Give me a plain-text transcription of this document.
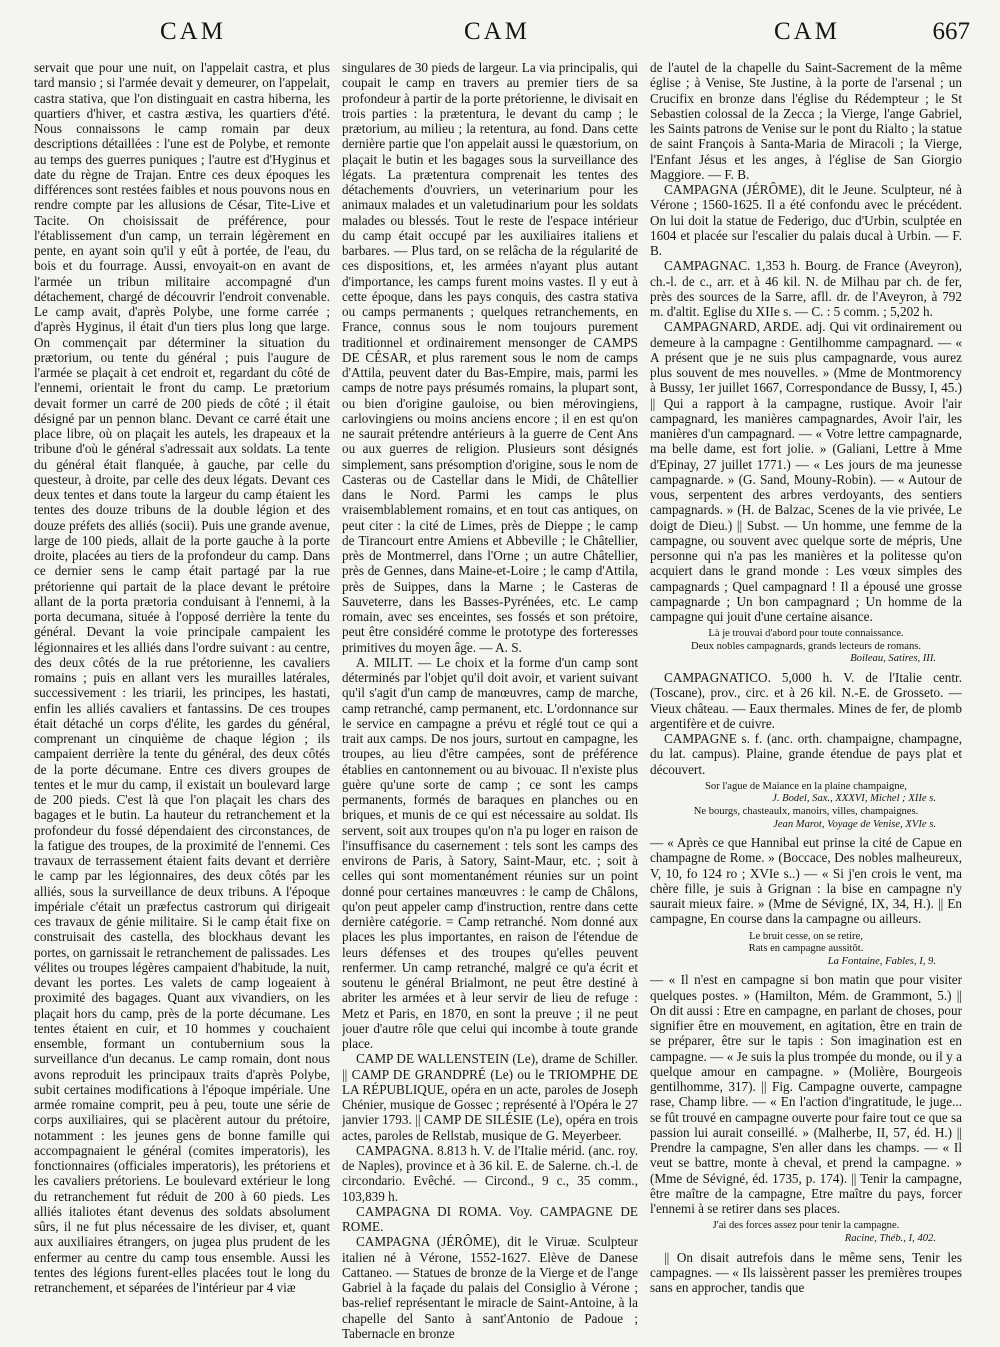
CAM	CAM	CAM	667

servait que pour une nuit, on l'appelait castra, et plus tard mansio ; si l'armée devait y demeurer, on l'appelait, castra stativa, que l'on distinguait en castra hiberna, les quartiers d'hiver, et castra æstiva, les quartiers d'été. Nous connaissons le camp romain par deux descriptions détaillées : l'une est de Polybe, et remonte au temps des guerres puniques ; l'autre est d'Hyginus et date du règne de Trajan. Entre ces deux époques les différences sont restées faibles et nous pouvons nous en rendre compte par les allusions de César, Tite-Live et Tacite. On choisissait de préférence, pour l'établissement d'un camp, un terrain légèrement en pente, en ayant soin qu'il y eût à portée, de l'eau, du bois et du fourrage. Aussi, envoyait-on en avant de l'armée un tribun militaire accompagné d'un détachement, chargé de découvrir l'endroit convenable. Le camp avait, d'après Polybe, une forme carrée ; d'après Hyginus, il était d'un tiers plus long que large. On commençait par déterminer la situation du prætorium, ou tente du général ; puis l'augure de l'armée se plaçait à cet endroit et, regardant du côté de l'ennemi, orientait le front du camp. Le prætorium devait former un carré de 200 pieds de côté ; il était désigné par un pennon blanc. Devant ce carré était une place libre, où on plaçait les autels, les drapeaux et la tribune d'où le général s'adressait aux soldats. La tente du général était flanquée, à gauche, par celle du questeur, à droite, par celle des deux légats. Devant ces deux tentes et dans toute la largeur du camp étaient les tentes des douze tribuns de la double légion et des douze préfets des alliés (socii). Puis une grande avenue, large de 100 pieds, allait de la porte gauche à la porte droite, placées au tiers de la profondeur du camp. Dans ce dernier sens le camp était partagé par la rue prétorienne qui partait de la place devant le prétoire allant de la porta prætoria conduisant à l'ennemi, à la porta decumana, située à l'opposé derrière la tente du général. Devant la voie principale campaient les légionnaires et les alliés dans l'ordre suivant : au centre, des deux côtés de la rue prétorienne, les cavaliers romains ; puis en allant vers les murailles latérales, successivement : les triarii, les principes, les hastati, enfin les alliés cavaliers et fantassins. De ces troupes était détaché un corps d'élite, les gardes du général, comprenant un cinquième de chaque légion ; ils campaient derrière la tente du général, des deux côtés de la porte décumane. Entre ces divers groupes de tentes et le mur du camp, il existait un boulevard large de 200 pieds. C'est là que l'on plaçait les chars des bagages et le butin. La hauteur du retranchement et la profondeur du fossé dépendaient des circonstances, de la fatigue des troupes, de la proximité de l'ennemi. Ces travaux de terrassement étaient faits devant et derrière le camp par les légionnaires, des deux côtés par les alliés, sous la surveillance de deux tribuns. A l'époque impériale c'était un præfectus castrorum qui dirigeait ces travaux de génie militaire. Si le camp était fixe on construisait des castella, des blockhaus devant les portes, on garnissait le retranchement de palissades. Les vélites ou troupes légères campaient d'habitude, la nuit, devant les portes. Les valets de camp logeaient à proximité des bagages. Quant aux vivandiers, on les plaçait hors du camp, près de la porte décumane. Les tentes étaient en cuir, et 10 hommes y couchaient ensemble, formant un contubernium sous la surveillance d'un decanus. Le camp romain, dont nous avons reproduit les principaux traits d'après Polybe, subit certaines modifications à l'époque impériale. Une armée romaine comprit, peu à peu, toute une série de corps auxiliaires, qui se placèrent autour du prétoire, notamment : les jeunes gens de bonne famille qui accompagnaient le général (comites imperatoris), les fonctionnaires (officiales imperatoris), les prétoriens et les cavaliers prétoriens. Le boulevard extérieur le long du retranchement fut réduit de 200 à 60 pieds. Les alliés italiotes étant devenus des soldats absolument sûrs, il ne fut plus nécessaire de les diviser, et, quant aux auxiliaires étrangers, on jugea plus prudent de les enfermer au centre du camp tous ensemble. Aussi les tentes des légions furent-elles placées tout le long du retranchement, et séparées de l'intérieur par 4 viæ

singulares de 30 pieds de largeur. La via principalis, qui coupait le camp en travers au premier tiers de sa profondeur à partir de la porte prétorienne, le divisait en trois parties : la prætentura, le devant du camp ; le prætorium, au milieu ; la retentura, au fond. Dans cette dernière partie que l'on appelait aussi le quæstorium, on plaçait le butin et les bagages sous la surveillance des légats. La prætentura comprenait les tentes des détachements d'ouvriers, un veterinarium pour les animaux malades et un valetudinarium pour les soldats malades ou blessés. Tout le reste de l'espace intérieur du camp était occupé par les auxiliaires italiens et barbares. — Plus tard, on se relâcha de la régularité de ces dispositions, et, les armées n'ayant plus autant d'importance, les camps furent moins vastes. Il y eut à cette époque, dans les pays conquis, des castra stativa ou camps permanents ; quelques retranchements, en France, connus sous le nom toujours purement traditionnel et ordinairement mensonger de CAMPS DE CÉSAR, et plus rarement sous le nom de camps d'Attila, peuvent dater du Bas-Empire, mais, parmi les camps de notre pays présumés romains, la plupart sont, ou bien d'origine gauloise, ou bien mérovingiens, carlovingiens ou moins anciens encore ; il en est qu'on ne saurait prétendre antérieurs à la guerre de Cent Ans ou aux guerres de religion. Plusieurs sont désignés simplement, sans présomption d'origine, sous le nom de Casteras ou de Castellar dans le Midi, de Châtellier dans le Nord. Parmi les camps le plus vraisemblablement romains, et en tout cas antiques, on peut citer : la cité de Limes, près de Dieppe ; le camp de Tirancourt entre Amiens et Abbeville ; le Châtellier, près de Montmerrel, dans l'Orne ; un autre Châtellier, près de Gennes, dans Maine-et-Loire ; le camp d'Attila, près de Suippes, dans la Marne ; le Casteras de Sauveterre, dans les Basses-Pyrénées, etc. Le camp romain, avec ses enceintes, ses fossés et son prétoire, peut être considéré comme le prototype des forteresses primitives du moyen âge. — A. S.

A. MILIT. — Le choix et la forme d'un camp sont déterminés par l'objet qu'il doit avoir, et varient suivant qu'il s'agit d'un camp de manœuvres, camp de marche, camp retranché, camp permanent, etc. L'ordonnance sur le service en campagne a prévu et réglé tout ce qui a trait aux camps. De nos jours, surtout en campagne, les troupes, au lieu d'être campées, sont de préférence établies en cantonnement ou au bivouac. Il n'existe plus guère qu'une sorte de camp ; ce sont les camps permanents, formés de baraques en planches ou en briques, et munis de ce qui est nécessaire au soldat. Ils servent, soit aux troupes qu'on n'a pu loger en raison de l'insuffisance du casernement : tels sont les camps des environs de Paris, à Satory, Saint-Maur, etc. ; soit à celles qui sont momentanément réunies sur un point donné pour certaines manœuvres : le camp de Châlons, qu'on peut appeler camp d'instruction, rentre dans cette dernière catégorie. = Camp retranché. Nom donné aux places les plus importantes, en raison de l'étendue de leurs défenses et des troupes qu'elles peuvent renfermer. Un camp retranché, malgré ce qu'a écrit et soutenu le général Brialmont, ne peut être destiné à abriter les armées et à leur servir de lieu de refuge : Metz et Paris, en 1870, en sont la preuve ; il ne peut jouer d'autre rôle que celui qui incombe à toute grande place.

CAMP DE WALLENSTEIN (Le), drame de Schiller. || CAMP DE GRANDPRÉ (Le) ou le TRIOMPHE DE LA RÉPUBLIQUE, opéra en un acte, paroles de Joseph Chénier, musique de Gossec ; représenté à l'Opéra le 27 janvier 1793. || CAMP DE SILÉSIE (Le), opéra en trois actes, paroles de Rellstab, musique de G. Meyerbeer.

CAMPAGNA. 8.813 h. V. de l'Italie mérid. (anc. roy. de Naples), province et à 36 kil. E. de Salerne. ch.-l. de circondario. Evêché. — Circond., 9 c., 35 comm., 103,839 h.

CAMPAGNA DI ROMA. Voy. CAMPAGNE DE ROME.

CAMPAGNA (JÉRÔME), dit le Viruæ. Sculpteur italien né à Vérone, 1552-1627. Elève de Danese Cattaneo. — Statues de bronze de la Vierge et de l'ange Gabriel à la façade du palais del Consiglio à Vérone ; bas-relief représentant le miracle de Saint-Antoine, à la chapelle del Santo à sant'Antonio de Padoue ; Tabernacle en bronze

de l'autel de la chapelle du Saint-Sacrement de la même église ; à Venise, Ste Justine, à la porte de l'arsenal ; un Crucifix en bronze dans l'église du Rédempteur ; le St Sebastien colossal de la Zecca ; la Vierge, l'ange Gabriel, les Saints patrons de Venise sur le pont du Rialto ; la statue de saint François à Santa-Maria de Miracoli ; la Vierge, l'Enfant Jésus et les anges, à l'église de San Giorgio Maggiore. — F. B.

CAMPAGNA (JÉRÔME), dit le Jeune. Sculpteur, né à Vérone ; 1560-1625. Il a été confondu avec le précédent. On lui doit la statue de Federigo, duc d'Urbin, sculptée en 1604 et placée sur l'escalier du palais ducal à Urbin. — F. B.

CAMPAGNAC. 1,353 h. Bourg. de France (Aveyron), ch.-l. de c., arr. et à 46 kil. N. de Milhau par ch. de fer, près des sources de la Sarre, afll. dr. de l'Aveyron, à 792 m. d'altit. Eglise du XIIe s. — C. : 5 comm. ; 5,202 h.

CAMPAGNARD, ARDE. adj. Qui vit ordinairement ou demeure à la campagne : Gentilhomme campagnard. — « A présent que je ne suis plus campagnarde, vous aurez plus souvent de mes nouvelles. » (Mme de Montmorency à Bussy, 1er juillet 1667, Correspondance de Bussy, I, 45.) || Qui a rapport à la campagne, rustique. Avoir l'air campagnard, les manières campagnardes, Avoir l'air, les manières d'un campagnard. — « Votre lettre campagnarde, ma belle dame, est fort jolie. » (Galiani, Lettre à Mme d'Epinay, 27 juillet 1771.) — « Les jours de ma jeunesse campagnarde. » (G. Sand, Mouny-Robin). — « Autour de vous, serpentent des arbres verdoyants, des sentiers campagnards. » (H. de Balzac, Scenes de la vie privée, Le doigt de Dieu.) || Subst. — Un homme, une femme de la campagne, ou souvent avec quelque sorte de mépris, Une personne qui n'a pas les manières et la politesse qu'on acquiert dans le grand monde : Les vœux simples des campagnards ; Quel campagnard ! Il a épousé une grosse campagnarde ; Un bon campagnard ; Un homme de la campagne qui jouit d'une certaine aisance.

Là je trouvai d'abord pour toute connaissance.
Deux nobles campagnards, grands lecteurs de romans.
Boileau, Satires, III.

CAMPAGNATICO. 5,000 h. V. de l'Italie centr. (Toscane), prov., circ. et à 26 kil. N.-E. de Grosseto. — Vieux château. — Eaux thermales. Mines de fer, de plomb argentifère et de cuivre.

CAMPAGNE s. f. (anc. orth. champaigne, champagne, du lat. campus). Plaine, grande étendue de pays plat et découvert.

Sor l'ague de Maiance en la plaine champaigne,
J. Bodel, Sax., XXXVI, Michel ; XIIe s.
Ne bourgs, chasteaulx, manoirs, villes, champaignes.
Jean Marot, Voyage de Venise, XVIe s.

— « Après ce que Hannibal eut prinse la cité de Capue en champagne de Rome. » (Boccace, Des nobles malheureux, V, 10, fo 124 ro ; XVIe s..) — « Si j'en crois le vent, ma chère fille, je suis à Grignan : la bise en campagne n'y saurait mieux faire. » (Mme de Sévigné, IX, 34, H.). || En campagne, En course dans la campagne ou ailleurs.

Le bruit cesse, on se retire,
Rats en campagne aussitôt.
La Fontaine, Fables, I, 9.

— « Il n'est en campagne si bon matin que pour visiter quelques postes. » (Hamilton, Mém. de Grammont, 5.) || On dit aussi : Etre en campagne, en parlant de choses, pour signifier être en mouvement, en agitation, être en train de se préparer, être sur le tapis : Son imagination est en campagne. — « Je suis la plus trompée du monde, ou il y a quelque amour en campagne. » (Molière, Bourgeois gentilhomme, 317). || Fig. Campagne ouverte, campagne rase, Champ libre. — « En l'action d'ingratitude, le juge... se fût trouvé en campagne ouverte pour faire tout ce que sa passion lui aurait conseillé. » (Malherbe, II, 57, éd. H.) || Prendre la campagne, S'en aller dans les champs. — « Il veut se battre, monte à cheval, et prend la campagne. » (Mme de Sévigné, éd. 1735, p. 174). || Tenir la campagne, être maître de la campagne, Etre maître du pays, forcer l'ennemi à se retirer dans ses places.

J'ai des forces assez pour tenir la campagne.
Racine, Théb., I, 402.

|| On disait autrefois dans le même sens, Tenir les campagnes. — « Ils laissèrent passer les premières troupes sans en approcher, tandis que
